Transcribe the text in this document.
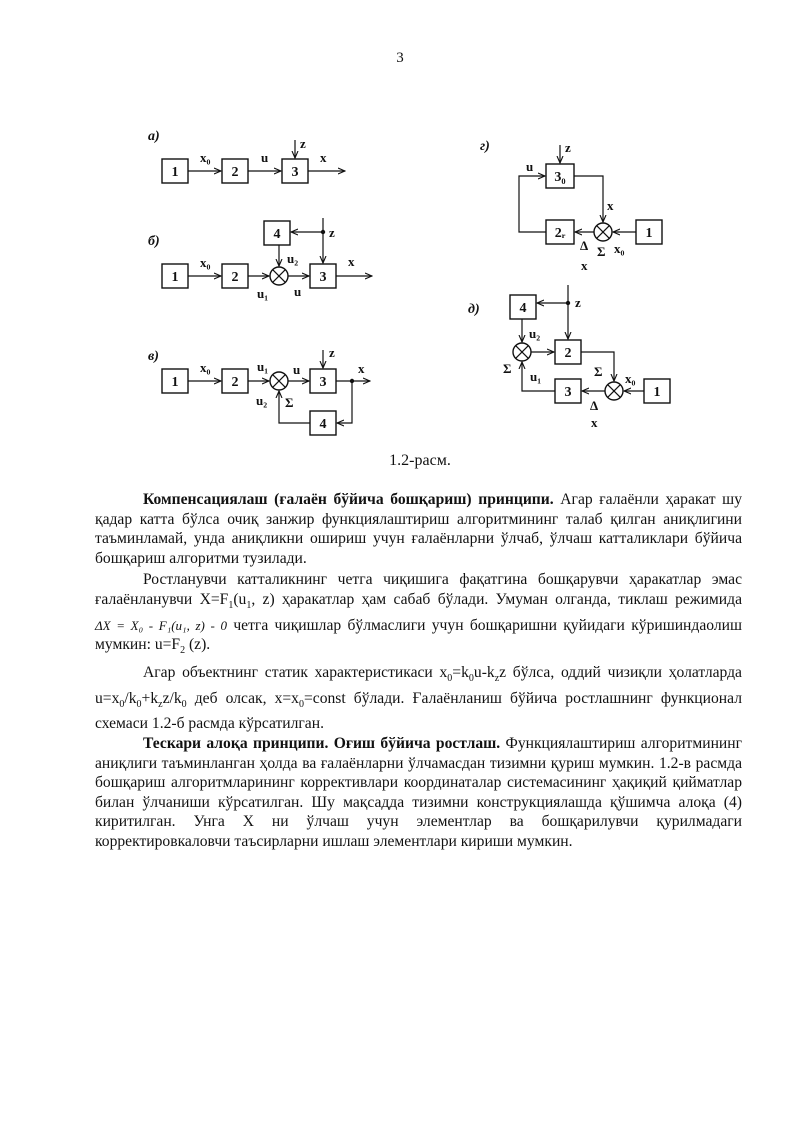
3
а)
1	2	3
x₀	u
z
x
б)
1	2	3
4
x₀	u₂
u₁ u
z
x
в)
1	2	3
4
x₀	u₁ u
u₂ Σ
z
x
г)
3₀
2ᵣ	1
u
z
x
Δ Σ x₀
x
д)	4
2
3	1
z
u₂
Σ
u₁	Σ x₀
Δ
x
1.2-расм.

Компенсациялаш (ғалаён бўйича бошқариш) принципи. Агар ғалаёнли ҳаракат шу қадар катта бўлса очиқ занжир функциялаштириш алгоритмининг талаб қилган аниқлигини таъминламай, унда аниқликни ошириш учун ғалаёнларни ўлчаб, ўлчаш катталиклари бўйича бошқариш алгоритми тузилади.

Ростланувчи катталикнинг четга чиқишига фақатгина бошқарувчи ҳаракатлар эмас ғалаёнланувчи $X=F_1(u_1$, z) ҳаракатлар ҳам сабаб бўлади. Умуман олганда, тиклаш режимида ΔX = X₀ - F₁(u₁, z) - 0 четга чиқишлар бўлмаслиги учун бошқаришни қуйидаги кўришиндаолиш мумкин: $u=F_2$ (z).

Агар объектнинг статик характеристикаси $x_0=k_0u-k_zz$ бўлса, оддий чизиқли ҳолатларда $u=x_0/k_0+k_zz/k_0$ деб олсак, $x=x_0=const$ бўлади. Ғалаёнланиш бўйича ростлашнинг функционал схемаси 1.2-б расмда кўрсатилган.

Тескари алоқа принципи. Оғиш бўйича ростлаш. Функциялаштириш алгоритмининг аниқлиги таъминланган ҳолда ва ғалаёнларни ўлчамасдан тизимни қуриш мумкин. 1.2-в расмда бошқариш алгоритмларининг коррективлари координаталар системасининг ҳақиқий қийматлар билан ўлчаниши кўрсатилган. Шу мақсадда тизимни конструкциялашда қўшимча алоқа (4) киритилган. Унга X ни ўлчаш учун элементлар ва бошқарилувчи қурилмадаги корректировкаловчи таъсирларни ишлаш элементлари кириши мумкин.
